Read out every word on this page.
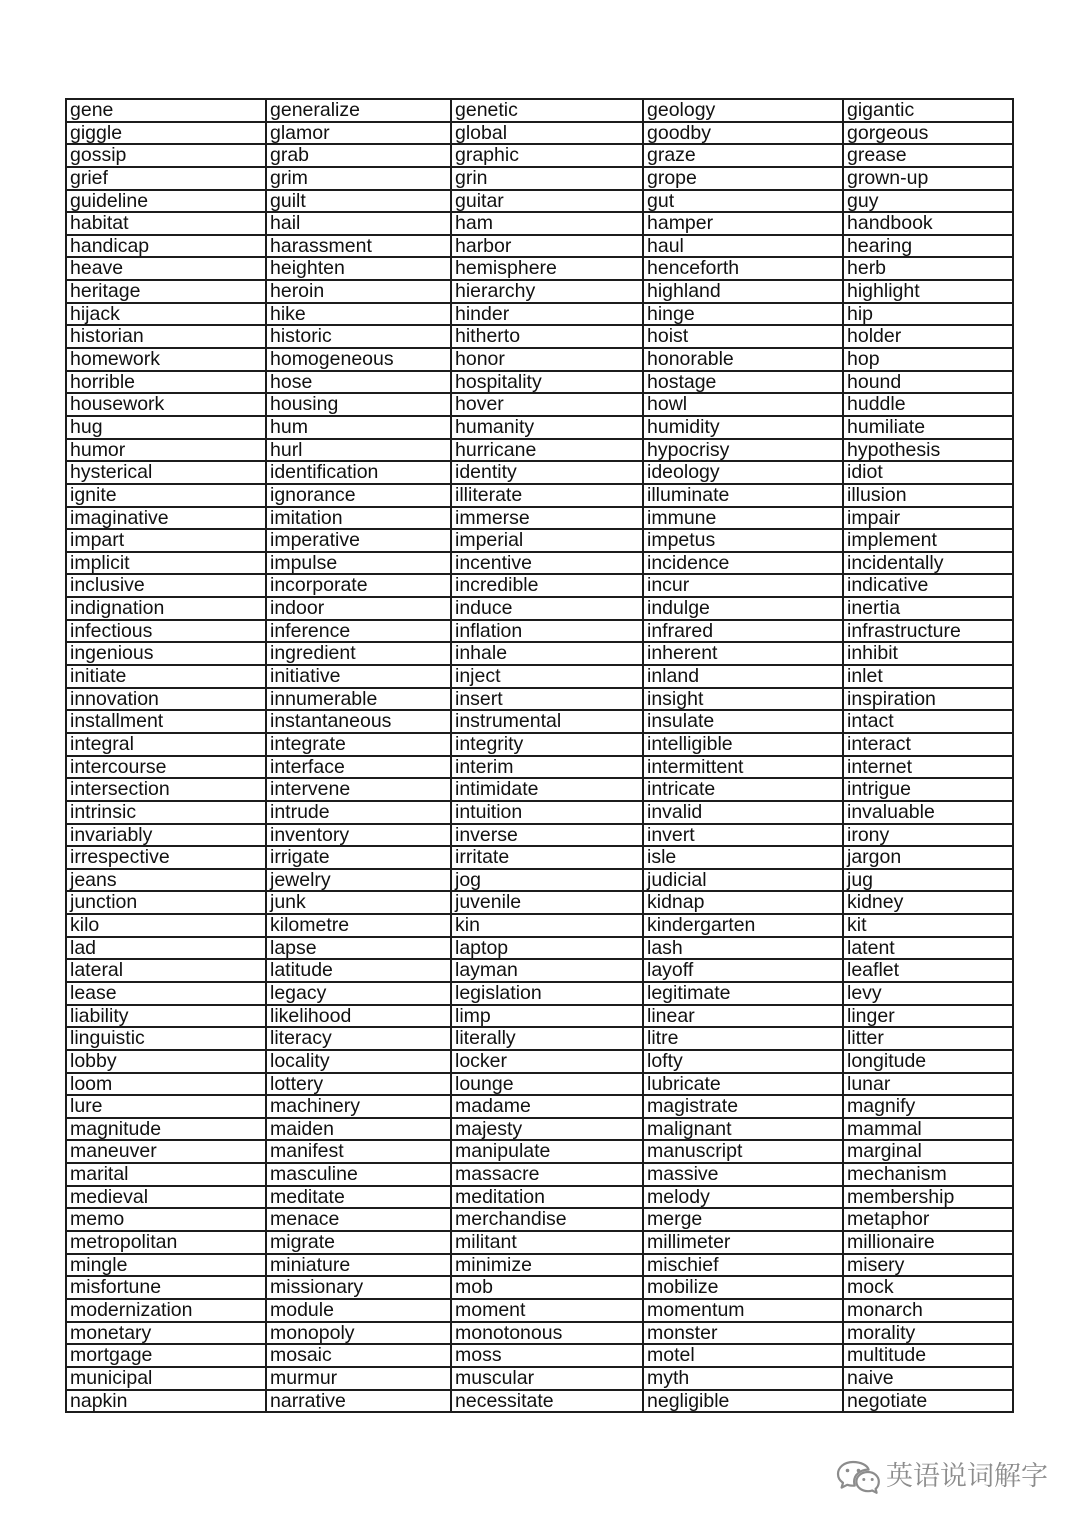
gene	generalize	genetic	geology	gigantic
giggle	glamor	global	goodby	gorgeous
gossip	grab	graphic	graze	grease
grief	grim	grin	grope	grown-up
guideline	guilt	guitar	gut	guy
habitat	hail	ham	hamper	handbook
handicap	harassment	harbor	haul	hearing
heave	heighten	hemisphere	henceforth	herb
heritage	heroin	hierarchy	highland	highlight
hijack	hike	hinder	hinge	hip
historian	historic	hitherto	hoist	holder
homework	homogeneous	honor	honorable	hop
horrible	hose	hospitality	hostage	hound
housework	housing	hover	howl	huddle
hug	hum	humanity	humidity	humiliate
humor	hurl	hurricane	hypocrisy	hypothesis
hysterical	identification	identity	ideology	idiot
ignite	ignorance	illiterate	illuminate	illusion
imaginative	imitation	immerse	immune	impair
impart	imperative	imperial	impetus	implement
implicit	impulse	incentive	incidence	incidentally
inclusive	incorporate	incredible	incur	indicative
indignation	indoor	induce	indulge	inertia
infectious	inference	inflation	infrared	infrastructure
ingenious	ingredient	inhale	inherent	inhibit
initiate	initiative	inject	inland	inlet
innovation	innumerable	insert	insight	inspiration
installment	instantaneous	instrumental	insulate	intact
integral	integrate	integrity	intelligible	interact
intercourse	interface	interim	intermittent	internet
intersection	intervene	intimidate	intricate	intrigue
intrinsic	intrude	intuition	invalid	invaluable
invariably	inventory	inverse	invert	irony
irrespective	irrigate	irritate	isle	jargon
jeans	jewelry	jog	judicial	jug
junction	junk	juvenile	kidnap	kidney
kilo	kilometre	kin	kindergarten	kit
lad	lapse	laptop	lash	latent
lateral	latitude	layman	layoff	leaflet
lease	legacy	legislation	legitimate	levy
liability	likelihood	limp	linear	linger
linguistic	literacy	literally	litre	litter
lobby	locality	locker	lofty	longitude
loom	lottery	lounge	lubricate	lunar
lure	machinery	madame	magistrate	magnify
magnitude	maiden	majesty	malignant	mammal
maneuver	manifest	manipulate	manuscript	marginal
marital	masculine	massacre	massive	mechanism
medieval	meditate	meditation	melody	membership
memo	menace	merchandise	merge	metaphor
metropolitan	migrate	militant	millimeter	millionaire
mingle	miniature	minimize	mischief	misery
misfortune	missionary	mob	mobilize	mock
modernization	module	moment	momentum	monarch
monetary	monopoly	monotonous	monster	morality
mortgage	mosaic	moss	motel	multitude
municipal	murmur	muscular	myth	naive
napkin	narrative	necessitate	negligible	negotiate
英语说词解字
